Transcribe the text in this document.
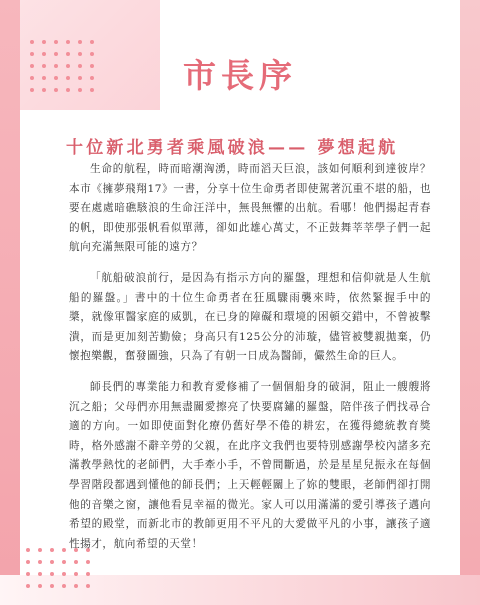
市長序
十位新北勇者乘風破浪—— 夢想起航

生命的航程，時而暗潮洶湧，時而滔天巨浪，該如何順利到達彼岸？本市《擁夢飛翔17》一書，分享十位生命勇者即使駕著沉重不堪的船，也要在處處暗礁駭浪的生命汪洋中，無畏無懼的出航。看哪！他們揚起青春的帆，即使那張帆看似單薄，卻如此雄心萬丈，不正鼓舞莘莘學子們一起航向充滿無限可能的遠方？

「航船破浪前行，是因為有指示方向的羅盤，理想和信仰就是人生航船的羅盤。」書中的十位生命勇者在狂風驟雨襲來時，依然緊握手中的槳，就像軍醫家庭的威凱，在已身的障礙和環境的困頓交錯中，不曾被擊潰，而是更加刻苦勤儉；身高只有125公分的沛璇，儘管被雙親拋棄，仍懷抱樂觀，奮發圖強，只為了有朝一日成為醫師，儼然生命的巨人。

師長們的專業能力和教育愛修補了一個個船身的破洞，阻止一艘艘將沉之船；父母們亦用無盡關愛擦亮了快要腐鏽的羅盤，陪伴孩子們找尋合適的方向。一如即使面對化療仍舊好學不倦的耕宏，在獲得總統教育獎時，格外感謝不辭辛勞的父親，在此序文我們也要特別感謝學校內諸多充滿教學熱忱的老師們，大手牽小手，不曾間斷過，於是星星兒振永在每個學習階段都遇到懂他的師長們；上天輕輕關上了妳的雙眼，老師們卻打開他的音樂之窗，讓他看見幸福的微光。家人可以用滿滿的愛引導孩子邁向希望的殿堂，而新北市的教師更用不平凡的大愛做平凡的小事，讓孩子適性揚才，航向希望的天堂！
